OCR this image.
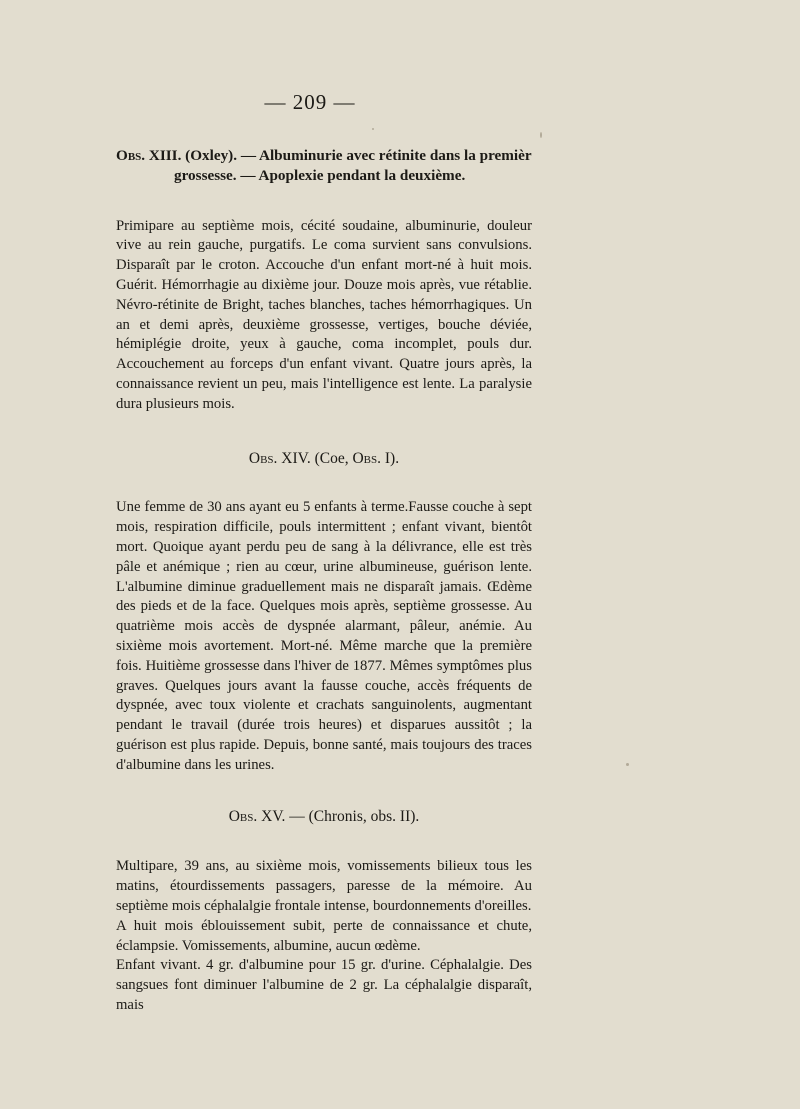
— 209 —

Obs. XIII. (Oxley). — Albuminurie avec rétinite dans la premièr grossesse. — Apoplexie pendant la deuxième.

Primipare au septième mois, cécité soudaine, albuminurie, douleur vive au rein gauche, purgatifs. Le coma survient sans convulsions. Disparaît par le croton. Accouche d'un enfant mort-né à huit mois. Guérit. Hémorrhagie au dixième jour. Douze mois après, vue rétablie. Névro-rétinite de Bright, taches blanches, taches hémorrhagiques. Un an et demi après, deuxième grossesse, vertiges, bouche déviée, hémiplégie droite, yeux à gauche, coma incomplet, pouls dur. Accouchement au forceps d'un enfant vivant. Quatre jours après, la connaissance revient un peu, mais l'intelligence est lente. La paralysie dura plusieurs mois.

Obs. XIV. (Coe, Obs. I).

Une femme de 30 ans ayant eu 5 enfants à terme.Fausse couche à sept mois, respiration difficile, pouls intermittent ; enfant vivant, bientôt mort. Quoique ayant perdu peu de sang à la délivrance, elle est très pâle et anémique ; rien au cœur, urine albumineuse, guérison lente. L'albumine diminue graduellement mais ne disparaît jamais. Œdème des pieds et de la face. Quelques mois après, septième grossesse. Au quatrième mois accès de dyspnée alarmant, pâleur, anémie. Au sixième mois avortement. Mort-né. Même marche que la première fois. Huitième grossesse dans l'hiver de 1877. Mêmes symptômes plus graves. Quelques jours avant la fausse couche, accès fréquents de dyspnée, avec toux violente et crachats sanguinolents, augmentant pendant le travail (durée trois heures) et disparues aussitôt ; la guérison est plus rapide. Depuis, bonne santé, mais toujours des traces d'albumine dans les urines.

Obs. XV. — (Chronis, obs. II).

Multipare, 39 ans, au sixième mois, vomissements bilieux tous les matins, étourdissements passagers, paresse de la mémoire. Au septième mois céphalalgie frontale intense, bourdonnements d'oreilles.

A huit mois éblouissement subit, perte de connaissance et chute, éclampsie. Vomissements, albumine, aucun œdème.

Enfant vivant. 4 gr. d'albumine pour 15 gr. d'urine. Céphalalgie. Des sangsues font diminuer l'albumine de 2 gr. La céphalalgie disparaît, mais
